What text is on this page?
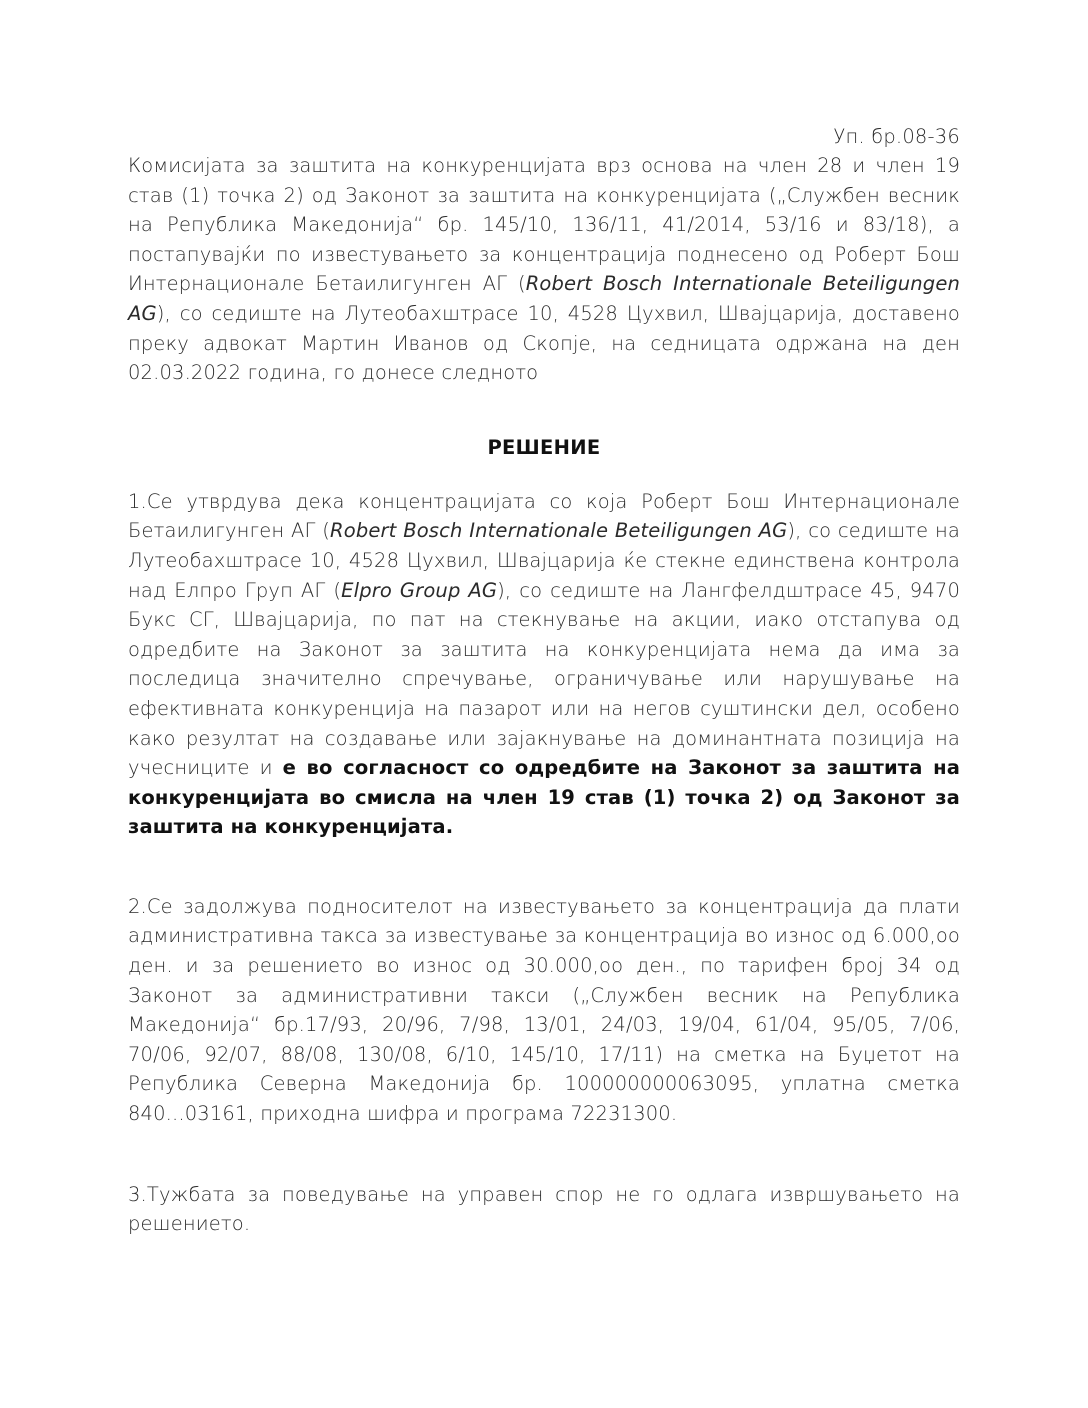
Уп. бр.08-36

Комисијата за заштита на конкуренцијата врз основа на член 28 и член 19 став (1) точка 2) од Законот за заштита на конкуренцијата („Службен весник на Република Македонија“ бр. 145/10, 136/11, 41/2014, 53/16 и 83/18), а постапувајќи по известувањето за концентрација поднесено од Роберт Бош Интернационале Бетаилигунген АГ (Robert Bosch Internationale Beteiligungen AG), со седиште на Лутеобахштрасе 10, 4528 Цухвил, Швајцарија, доставено преку адвокат Мартин Иванов од Скопје, на седницата одржана на ден 02.03.2022 година, го донесе следното

РЕШЕНИЕ

1.Се утврдува дека концентрацијата со која Роберт Бош Интернационале Бетаилигунген АГ (Robert Bosch Internationale Beteiligungen AG), со седиште на Лутеобахштрасе 10, 4528 Цухвил, Швајцарија ќе стекне единствена контрола над Елпро Груп АГ (Elpro Group AG), со седиште на Лангфелдштрасе 45, 9470 Букс СГ, Швајцарија, по пат на стекнување на акции, иако отстапува од одредбите на Законот за заштита на конкуренцијата нема да има за последица значително спречување, ограничување или нарушување на ефективната конкуренција на пазарот или на негов суштински дел, особено како резултат на создавање или зајакнување на доминантната позиција на учесниците и е во согласност со одредбите на Законот за заштита на конкуренцијата во смисла на член 19 став (1) точка 2) од Законот за заштита на конкуренцијата.

2.Се задолжува подносителот на известувањето за концентрација да плати административна такса за известување за концентрација во износ од 6.000,oo ден. и за решението во износ од 30.000,oo ден., по тарифен број 34 од Законот за административни такси („Службен весник на Република Македонија“ бр.17/93, 20/96, 7/98, 13/01, 24/03, 19/04, 61/04, 95/05, 7/06, 70/06, 92/07, 88/08, 130/08, 6/10, 145/10, 17/11) на сметка на Буџетот на Република Северна Македонија бр. 100000000063095, уплатна сметка 840...03161, приходна шифра и програма 72231300.

3.Тужбата за поведување на управен спор не го одлага извршувањето на решението.
